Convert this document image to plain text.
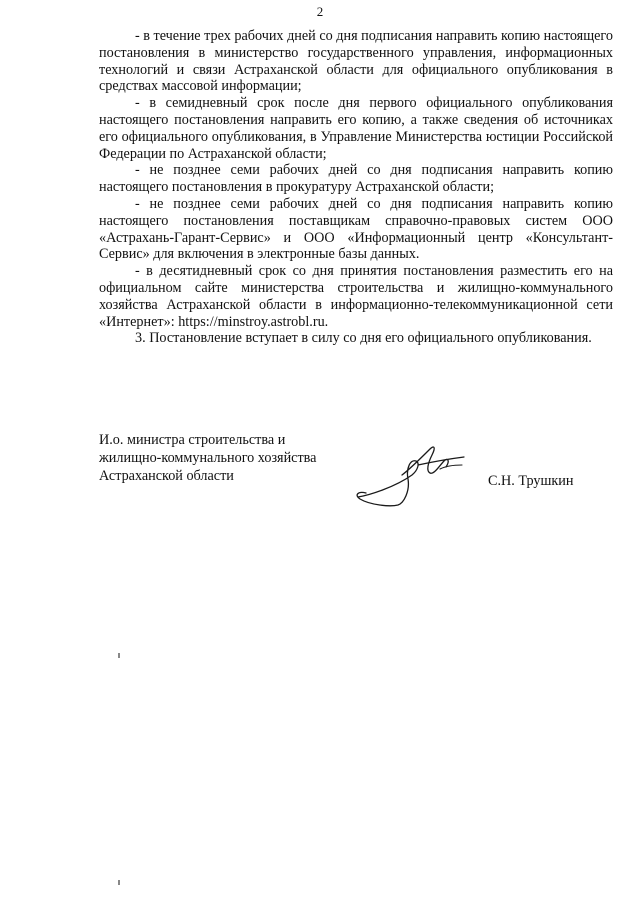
2

- в течение трех рабочих дней со дня подписания направить копию настоящего постановления в министерство государственного управления, информационных технологий и связи Астраханской области для официального опубликования в средствах массовой информации;

- в семидневный срок после дня первого официального опубликования настоящего постановления направить его копию, а также сведения об источниках его официального опубликования, в Управление Министерства юстиции Российской Федерации по Астраханской области;

- не позднее семи рабочих дней со дня подписания направить копию настоящего постановления в прокуратуру Астраханской области;

- не позднее семи рабочих дней со дня подписания направить копию настоящего постановления поставщикам справочно-правовых систем ООО «Астрахань-Гарант-Сервис» и ООО «Информационный центр «Консультант-Сервис» для включения в электронные базы данных.

- в десятидневный срок со дня принятия постановления разместить его на официальном сайте министерства строительства и жилищно-коммунального хозяйства Астраханской области в информационно-телекоммуникационной сети «Интернет»: https://minstroy.astrobl.ru.

3. Постановление вступает в силу со дня его официального опубликования.

И.о. министра строительства и
жилищно-коммунального хозяйства
Астраханской области	С.Н. Трушкин
